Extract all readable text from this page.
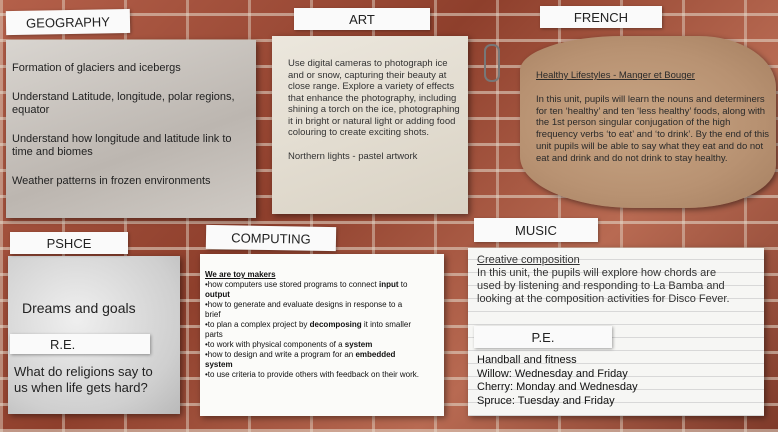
GEOGRAPHY

Formation of glaciers and icebergs

Understand Latitude, longitude, polar regions, equator

Understand how longitude and latitude link to time and biomes

Weather patterns in frozen environments

ART
Use digital cameras to photograph ice and or snow, capturing their beauty at close range. Explore a variety of effects that enhance the photography, including shining a torch on the ice, photographing it in bright or natural light or adding food colouring to create exciting shots.
Northern lights - pastel artwork
FRENCH
Healthy Lifestyles - Manger et Bouger
In this unit, pupils will learn the nouns and determiners for ten ‘healthy’ and ten ‘less healthy’ foods, along with the 1st person singular conjugation of the high frequency verbs ‘to eat’ and ‘to drink’. By the end of this unit pupils will be able to say what they eat and do not eat and drink and do not drink to stay healthy.
PSHCE
Dreams and goals
R.E.
What do religions say to us when life gets hard?
COMPUTING
We are toy makers
•how computers use stored programs to connect input to output
•how to generate and evaluate designs in response to a brief
•to plan a complex project by decomposing it into smaller parts
•to work with physical components of a system
•how to design and write a program for an embedded system
•to use criteria to provide others with feedback on their work.
MUSIC
Creative composition
In this unit, the pupils will explore how chords are used by listening and responding to La Bamba and looking at the composition activities for Disco Fever.
P.E.
Handball and fitness
Willow: Wednesday and Friday
Cherry: Monday and Wednesday
Spruce: Tuesday and Friday
